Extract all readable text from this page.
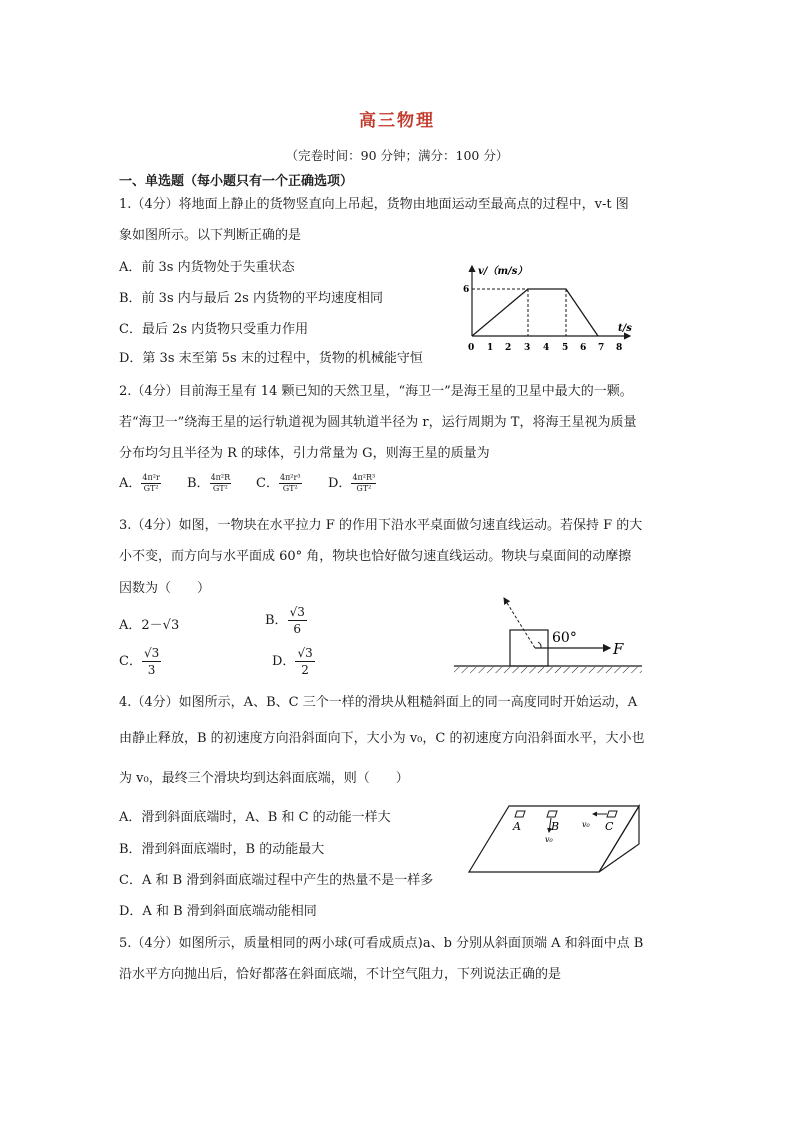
高三物理
（完卷时间：90 分钟；满分：100 分）
一、单选题（每小题只有一个正确选项）
1.（4分）将地面上静止的货物竖直向上吊起，货物由地面运动至最高点的过程中，v-t 图
象如图所示。以下判断正确的是
A．前 3s 内货物处于失重状态
B．前 3s 内与最后 2s 内货物的平均速度相同
C．最后 2s 内货物只受重力作用
D．第 3s 末至第 5s 末的过程中，货物的机械能守恒
v/（m/s）
t/s
6
0 1 2 3 4 5 6 7 8
2.（4分）目前海王星有 14 颗已知的天然卫星，“海卫一”是海王星的卫星中最大的一颗。
若“海卫一”绕海王星的运行轨道视为圆其轨道半径为 r，运行周期为 T，将海王星视为质量
分布均匀且半径为 R 的球体，引力常量为 G，则海王星的质量为
A． $\frac{\text{4π²r}}{\text{GT²}}$ B． $\frac{\text{4π²R}}{\text{GT²}}$ C． $\frac{\text{4π²r³}}{\text{GT²}}$ D． $\frac{\text{4π²R³}}{\text{GT²}}$
3.（4分）如图，一物块在水平拉力 F 的作用下沿水平桌面做匀速直线运动。若保持 F 的大
小不变，而方向与水平面成 60° 角，物块也恰好做匀速直线运动。物块与桌面间的动摩擦
因数为（　　）
A．2－√3	B． $\frac{√3}{6}$
C． $\frac{√3}{3}$	D． $\frac{√3}{2}$
60°
F
4.（4分）如图所示，A、B、C 三个一样的滑块从粗糙斜面上的同一高度同时开始运动，A
由静止释放，B 的初速度方向沿斜面向下，大小为 v₀，C 的初速度方向沿斜面水平，大小也
为 v₀，最终三个滑块均到达斜面底端，则（　　）
A．滑到斜面底端时，A、B 和 C 的动能一样大
B．滑到斜面底端时，B 的动能最大
C．A 和 B 滑到斜面底端过程中产生的热量不是一样多
D．A 和 B 滑到斜面底端动能相同
A	B	C
v₀
v₀
5.（4分）如图所示，质量相同的两小球(可看成质点)a、b 分别从斜面顶端 A 和斜面中点 B
沿水平方向抛出后，恰好都落在斜面底端，不计空气阻力，下列说法正确的是
